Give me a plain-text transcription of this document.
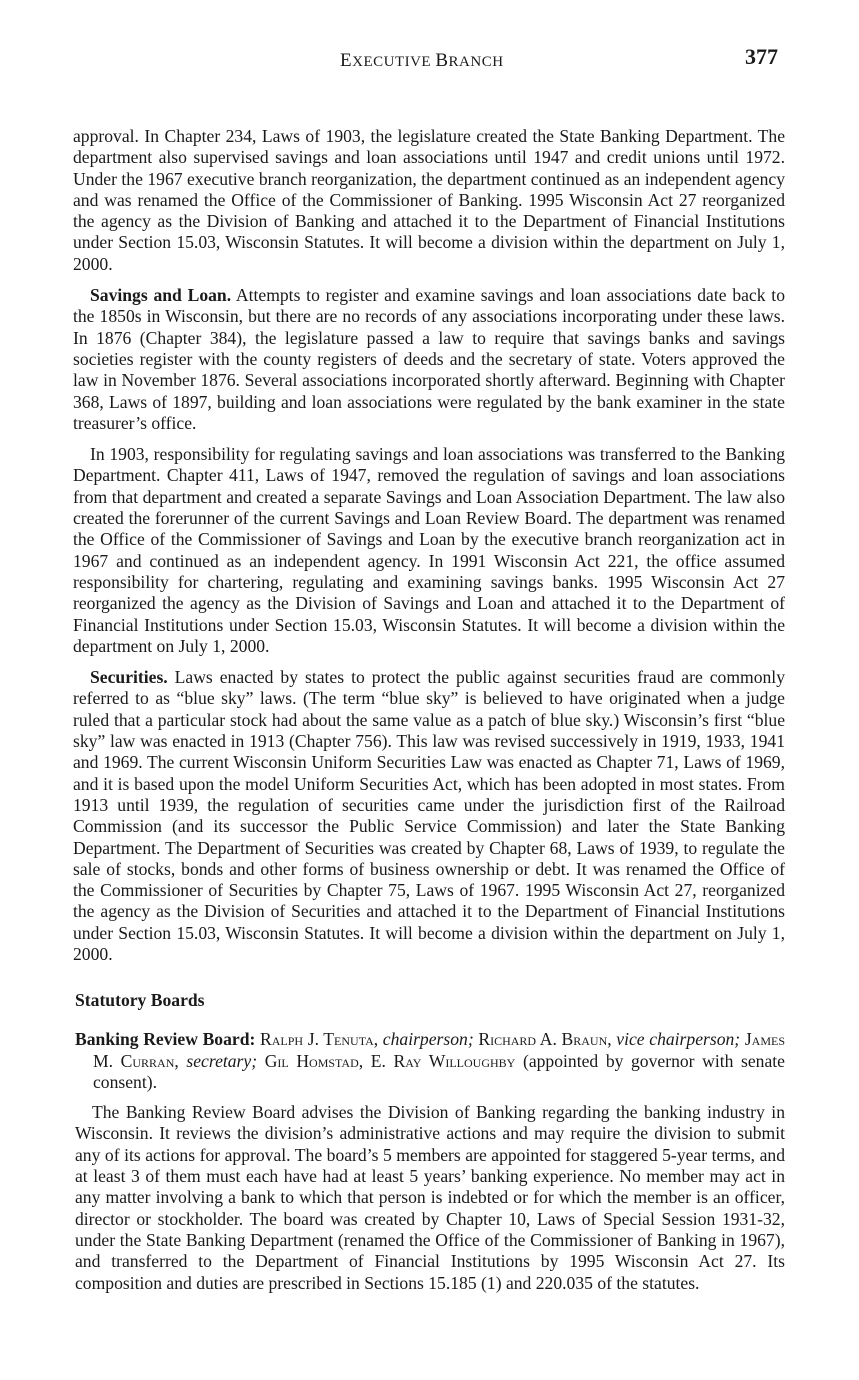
EXECUTIVE BRANCH	377

approval. In Chapter 234, Laws of 1903, the legislature created the State Banking Department. The department also supervised savings and loan associations until 1947 and credit unions until 1972. Under the 1967 executive branch reorganization, the department continued as an independent agency and was renamed the Office of the Commissioner of Banking. 1995 Wisconsin Act 27 reorganized the agency as the Division of Banking and attached it to the Department of Financial Institutions under Section 15.03, Wisconsin Statutes. It will become a division within the department on July 1, 2000.

Savings and Loan. Attempts to register and examine savings and loan associations date back to the 1850s in Wisconsin, but there are no records of any associations incorporating under these laws. In 1876 (Chapter 384), the legislature passed a law to require that savings banks and savings societies register with the county registers of deeds and the secretary of state. Voters approved the law in November 1876. Several associations incorporated shortly afterward. Beginning with Chapter 368, Laws of 1897, building and loan associations were regulated by the bank examiner in the state treasurer’s office.

In 1903, responsibility for regulating savings and loan associations was transferred to the Banking Department. Chapter 411, Laws of 1947, removed the regulation of savings and loan associations from that department and created a separate Savings and Loan Association Department. The law also created the forerunner of the current Savings and Loan Review Board. The department was renamed the Office of the Commissioner of Savings and Loan by the executive branch reorganization act in 1967 and continued as an independent agency. In 1991 Wisconsin Act 221, the office assumed responsibility for chartering, regulating and examining savings banks. 1995 Wisconsin Act 27 reorganized the agency as the Division of Savings and Loan and attached it to the Department of Financial Institutions under Section 15.03, Wisconsin Statutes. It will become a division within the department on July 1, 2000.

Securities. Laws enacted by states to protect the public against securities fraud are commonly referred to as “blue sky” laws. (The term “blue sky” is believed to have originated when a judge ruled that a particular stock had about the same value as a patch of blue sky.) Wisconsin’s first “blue sky” law was enacted in 1913 (Chapter 756). This law was revised successively in 1919, 1933, 1941 and 1969. The current Wisconsin Uniform Securities Law was enacted as Chapter 71, Laws of 1969, and it is based upon the model Uniform Securities Act, which has been adopted in most states. From 1913 until 1939, the regulation of securities came under the jurisdiction first of the Railroad Commission (and its successor the Public Service Commission) and later the State Banking Department. The Department of Securities was created by Chapter 68, Laws of 1939, to regulate the sale of stocks, bonds and other forms of business ownership or debt. It was renamed the Office of the Commissioner of Securities by Chapter 75, Laws of 1967. 1995 Wisconsin Act 27, reorganized the agency as the Division of Securities and attached it to the Department of Financial Institutions under Section 15.03, Wisconsin Statutes. It will become a division within the department on July 1, 2000.

Statutory Boards

Banking Review Board: Ralph J. Tenuta, chairperson; Richard A. Braun, vice chairperson; James M. Curran, secretary; Gil Homstad, E. Ray Willoughby (appointed by governor with senate consent).

The Banking Review Board advises the Division of Banking regarding the banking industry in Wisconsin. It reviews the division’s administrative actions and may require the division to submit any of its actions for approval. The board’s 5 members are appointed for staggered 5-year terms, and at least 3 of them must each have had at least 5 years’ banking experience. No member may act in any matter involving a bank to which that person is indebted or for which the member is an officer, director or stockholder. The board was created by Chapter 10, Laws of Special Session 1931-32, under the State Banking Department (renamed the Office of the Commissioner of Banking in 1967), and transferred to the Department of Financial Institutions by 1995 Wisconsin Act 27. Its composition and duties are prescribed in Sections 15.185 (1) and 220.035 of the statutes.
